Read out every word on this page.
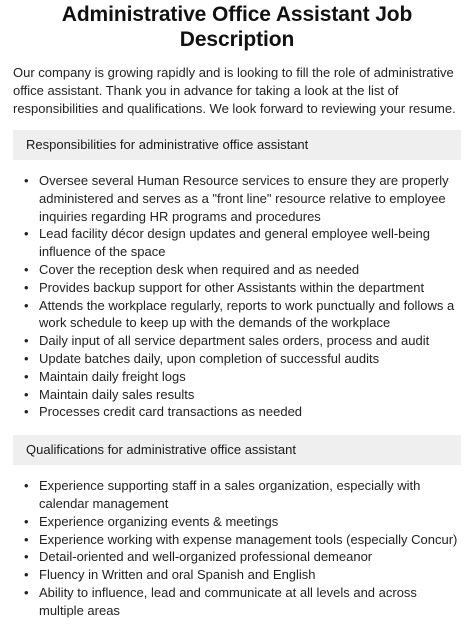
Administrative Office Assistant Job Description

Our company is growing rapidly and is looking to fill the role of administrative office assistant. Thank you in advance for taking a look at the list of responsibilities and qualifications. We look forward to reviewing your resume.

Responsibilities for administrative office assistant
• Oversee several Human Resource services to ensure they are properly administered and serves as a "front line" resource relative to employee inquiries regarding HR programs and procedures
• Lead facility décor design updates and general employee well-being influence of the space
• Cover the reception desk when required and as needed
• Provides backup support for other Assistants within the department
• Attends the workplace regularly, reports to work punctually and follows a work schedule to keep up with the demands of the workplace
• Daily input of all service department sales orders, process and audit
• Update batches daily, upon completion of successful audits
• Maintain daily freight logs
• Maintain daily sales results
• Processes credit card transactions as needed
Qualifications for administrative office assistant
• Experience supporting staff in a sales organization, especially with calendar management
• Experience organizing events & meetings
• Experience working with expense management tools (especially Concur)
• Detail-oriented and well-organized professional demeanor
• Fluency in Written and oral Spanish and English
• Ability to influence, lead and communicate at all levels and across multiple areas
